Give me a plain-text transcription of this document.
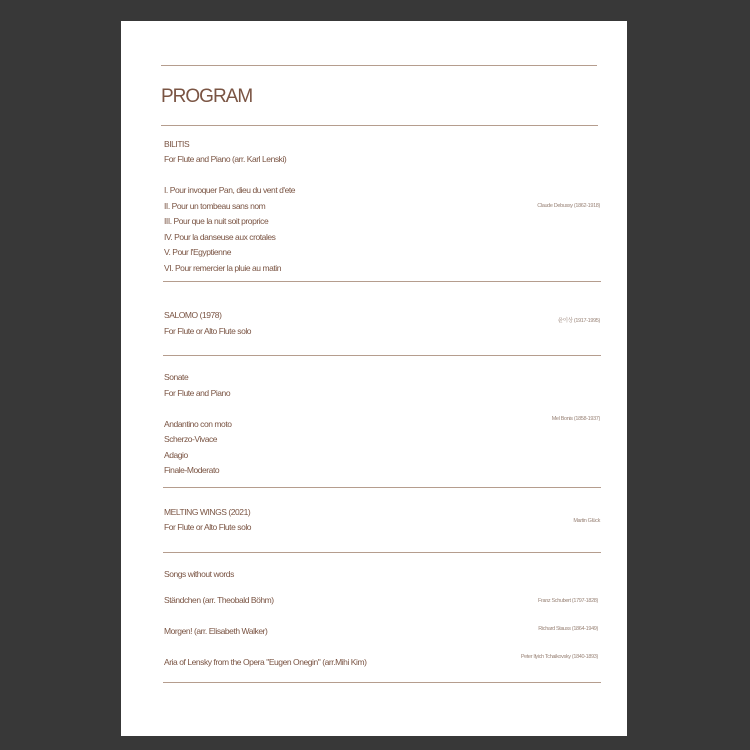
PROGRAM

BILITIS

For Flute and Piano (arr. Karl Lenski)

I. Pour invoquer Pan, dieu du vent d'ete

II. Pour un tombeau sans nom

III. Pour que la nuit soit proprice

IV. Pour la danseuse aux crotales

V. Pour l'Egyptienne

VI. Pour remercier la pluie au matin

Claude Debussy (1862-1918)

SALOMO (1978)

For Flute or Alto Flute solo

윤이상 (1917-1995)

Sonate

For Flute and Piano

Andantino con moto

Scherzo-Vivace

Adagio

Finale-Moderato

Mel Bonis (1858-1937)

MELTING WINGS (2021)

For Flute or Alto Flute solo

Martin Glück

Songs without words

Ständchen (arr. Theobald Böhm)	Franz Schubert (1797-1828)

Morgen! (arr. Elisabeth Walker)	Richard Stauss (1864-1949)

Aria of Lensky from the Opera "Eugen Onegin" (arr.Mihi Kim)	Peter Ilyich Tchaikovsky (1840-1893)
